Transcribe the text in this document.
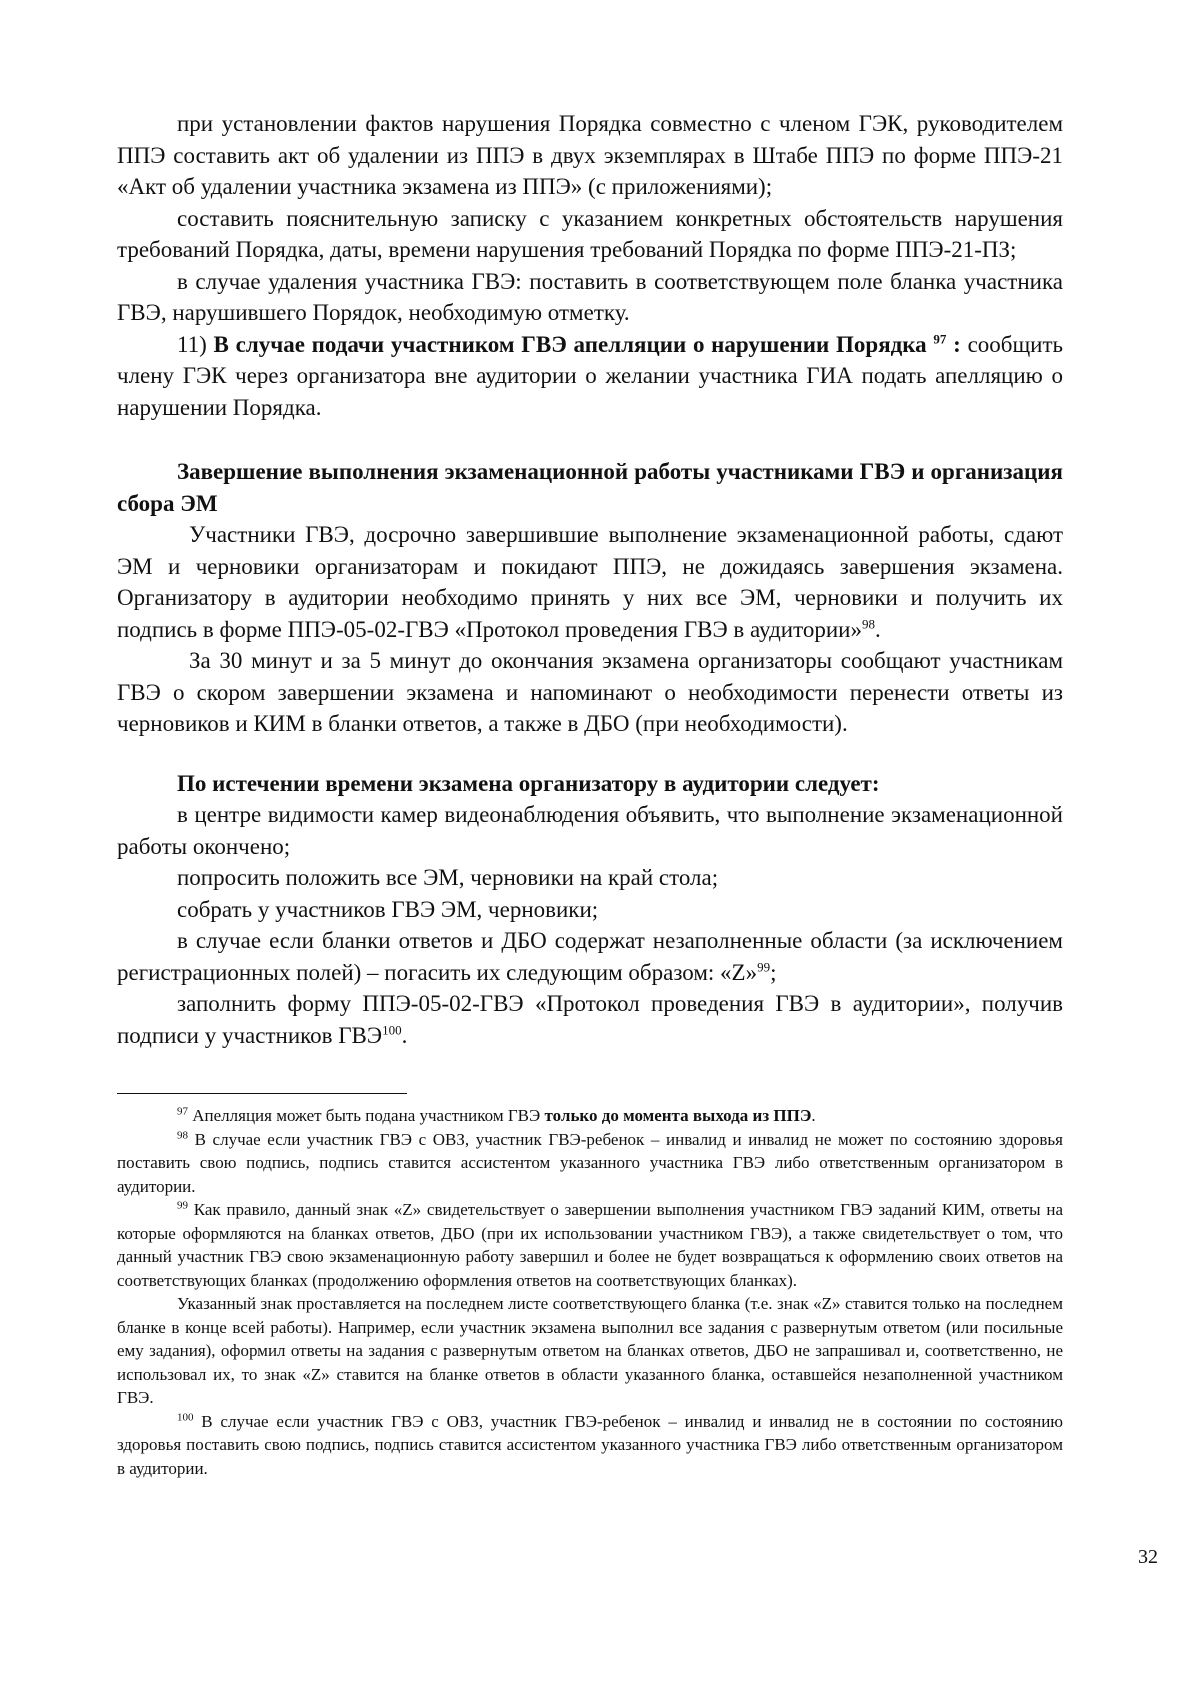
при установлении фактов нарушения Порядка совместно с членом ГЭК, руководителем ППЭ составить акт об удалении из ППЭ в двух экземплярах в Штабе ППЭ по форме ППЭ-21 «Акт об удалении участника экзамена из ППЭ» (с приложениями);

составить пояснительную записку с указанием конкретных обстоятельств нарушения требований Порядка, даты, времени нарушения требований Порядка по форме ППЭ-21-ПЗ;

в случае удаления участника ГВЭ: поставить в соответствующем поле бланка участника ГВЭ, нарушившего Порядок, необходимую отметку.

11) В случае подачи участником ГВЭ апелляции о нарушении Порядка $^{97}$ : сообщить члену ГЭК через организатора вне аудитории о желании участника ГИА подать апелляцию о нарушении Порядка.

Завершение выполнения экзаменационной работы участниками ГВЭ и организация сбора ЭМ

Участники ГВЭ, досрочно завершившие выполнение экзаменационной работы, сдают ЭМ и черновики организаторам и покидают ППЭ, не дожидаясь завершения экзамена. Организатору в аудитории необходимо принять у них все ЭМ, черновики и получить их подпись в форме ППЭ-05-02-ГВЭ «Протокол проведения ГВЭ в аудитории»$^{98}$.

За 30 минут и за 5 минут до окончания экзамена организаторы сообщают участникам ГВЭ о скором завершении экзамена и напоминают о необходимости перенести ответы из черновиков и КИМ в бланки ответов, а также в ДБО (при необходимости).

По истечении времени экзамена организатору в аудитории следует:

в центре видимости камер видеонаблюдения объявить, что выполнение экзаменационной работы окончено;

попросить положить все ЭМ, черновики на край стола;

собрать у участников ГВЭ ЭМ, черновики;

в случае если бланки ответов и ДБО содержат незаполненные области (за исключением регистрационных полей) – погасить их следующим образом: «Z»$^{99}$;

заполнить форму ППЭ-05-02-ГВЭ «Протокол проведения ГВЭ в аудитории», получив подписи у участников ГВЭ$^{100}$.

$^{97}$ Апелляция может быть подана участником ГВЭ только до момента выхода из ППЭ.

$^{98}$ В случае если участник ГВЭ с ОВЗ, участник ГВЭ-ребенок – инвалид и инвалид не может по состоянию здоровья поставить свою подпись, подпись ставится ассистентом указанного участника ГВЭ либо ответственным организатором в аудитории.

$^{99}$ Как правило, данный знак «Z» свидетельствует о завершении выполнения участником ГВЭ заданий КИМ, ответы на которые оформляются на бланках ответов, ДБО (при их использовании участником ГВЭ), а также свидетельствует о том, что данный участник ГВЭ свою экзаменационную работу завершил и более не будет возвращаться к оформлению своих ответов на соответствующих бланках (продолжению оформления ответов на соответствующих бланках).

Указанный знак проставляется на последнем листе соответствующего бланка (т.е. знак «Z» ставится только на последнем бланке в конце всей работы). Например, если участник экзамена выполнил все задания с развернутым ответом (или посильные ему задания), оформил ответы на задания с развернутым ответом на бланках ответов, ДБО не запрашивал и, соответственно, не использовал их, то знак «Z» ставится на бланке ответов в области указанного бланка, оставшейся незаполненной участником ГВЭ.

$^{100}$ В случае если участник ГВЭ с ОВЗ, участник ГВЭ-ребенок – инвалид и инвалид не в состоянии по состоянию здоровья поставить свою подпись, подпись ставится ассистентом указанного участника ГВЭ либо ответственным организатором в аудитории.

32
